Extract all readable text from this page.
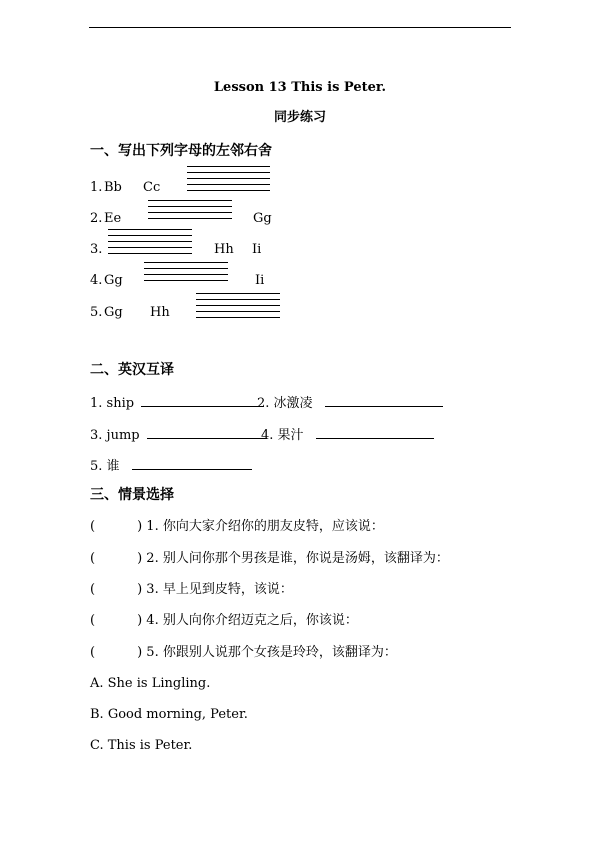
Lesson 13 This is Peter.
同步练习
一、写出下列字母的左邻右舍
1. Bb Cc
2. Ee	Gg
3.	Hh Ii
4. Gg	Ii
5. Gg Hh
二、英汉互译
1. ship	2. 冰激凌
3. jump	4. 果汁
5. 谁
三、情景选择
(	) 1. 你向大家介绍你的朋友皮特，应该说：
(	) 2. 别人问你那个男孩是谁，你说是汤姆，该翻译为：
(	) 3. 早上见到皮特，该说：
(	) 4. 别人向你介绍迈克之后，你该说：
(	) 5. 你跟别人说那个女孩是玲玲，该翻译为：
A. She is Lingling.
B. Good morning, Peter.
C. This is Peter.
